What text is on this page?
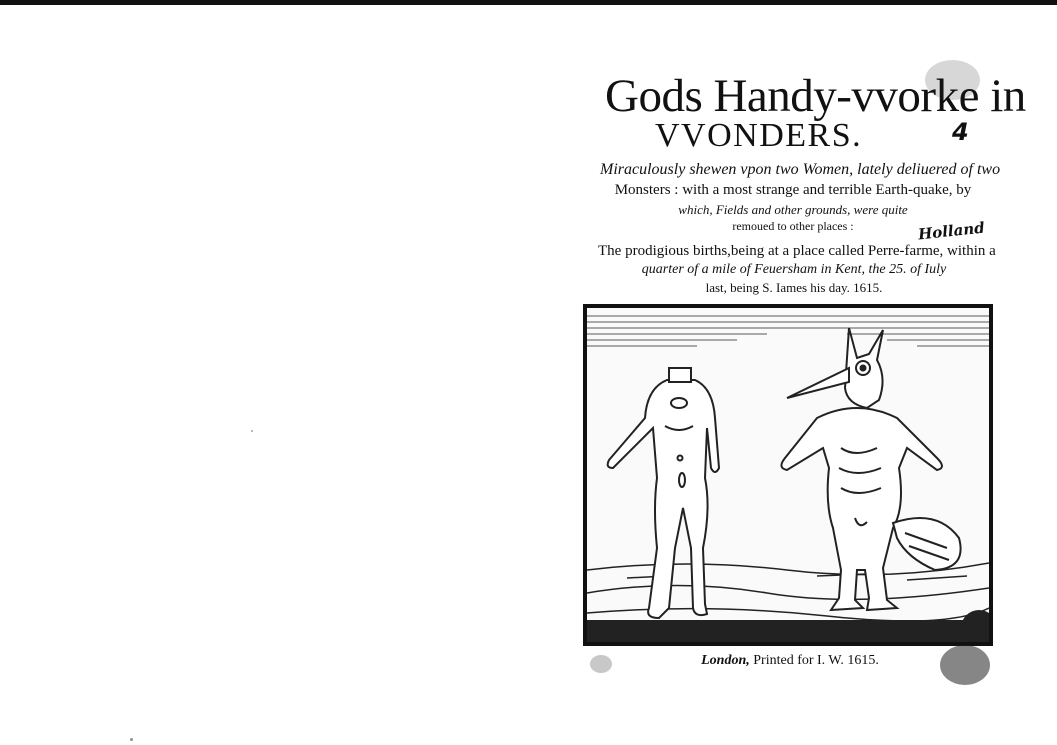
Gods Handy-vvorke in
VVONDERS.	4
Holland
Miraculously shewen vpon two Women, lately deliuered of two
Monsters : with a most strange and terrible Earth-quake, by
which, Fields and other grounds, were quite
remoued to other places :
The prodigious births,being at a place called Perre-farme, within a
quarter of a mile of Feuersham in Kent, the 25. of Iuly
last, being S. Iames his day. 1615.
London, Printed for I. W. 1615.
